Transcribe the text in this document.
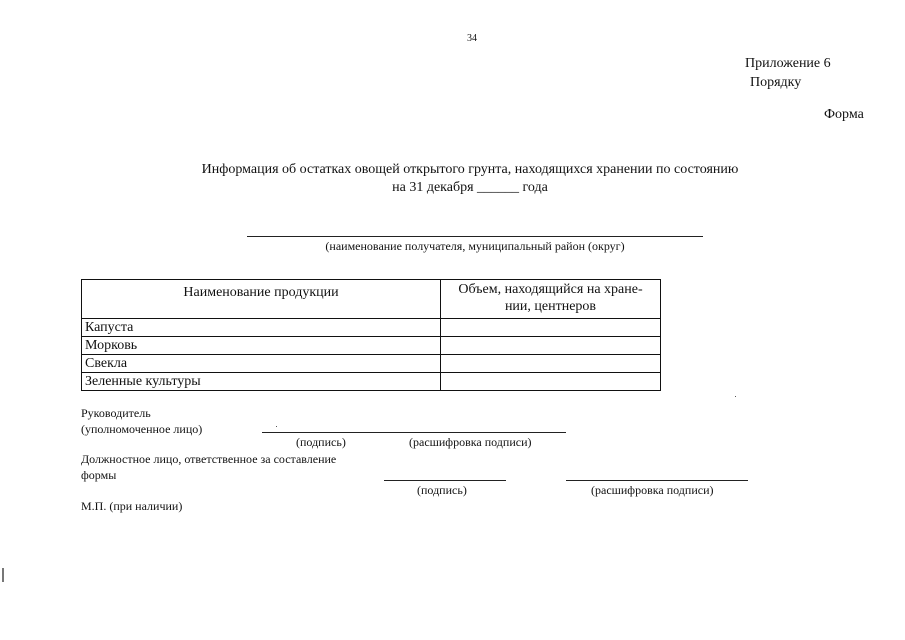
34
Приложение 6
Порядку
Форма
Информация об остатках овощей открытого грунта, находящихся хранении по состоянию
на 31 декабря ______ года
(наименование получателя, муниципальный район (округ)
Наименование продукции	Объем, находящийся на хране-
нии, центнеров

Капуста	
Морковь	
Свекла	
Зеленные культуры	
Руководитель
(уполномоченное лицо)
(подпись)	(расшифровка подписи)
Должностное лицо, ответственное за составление
формы
(подпись)	(расшифровка подписи)
М.П. (при наличии)
